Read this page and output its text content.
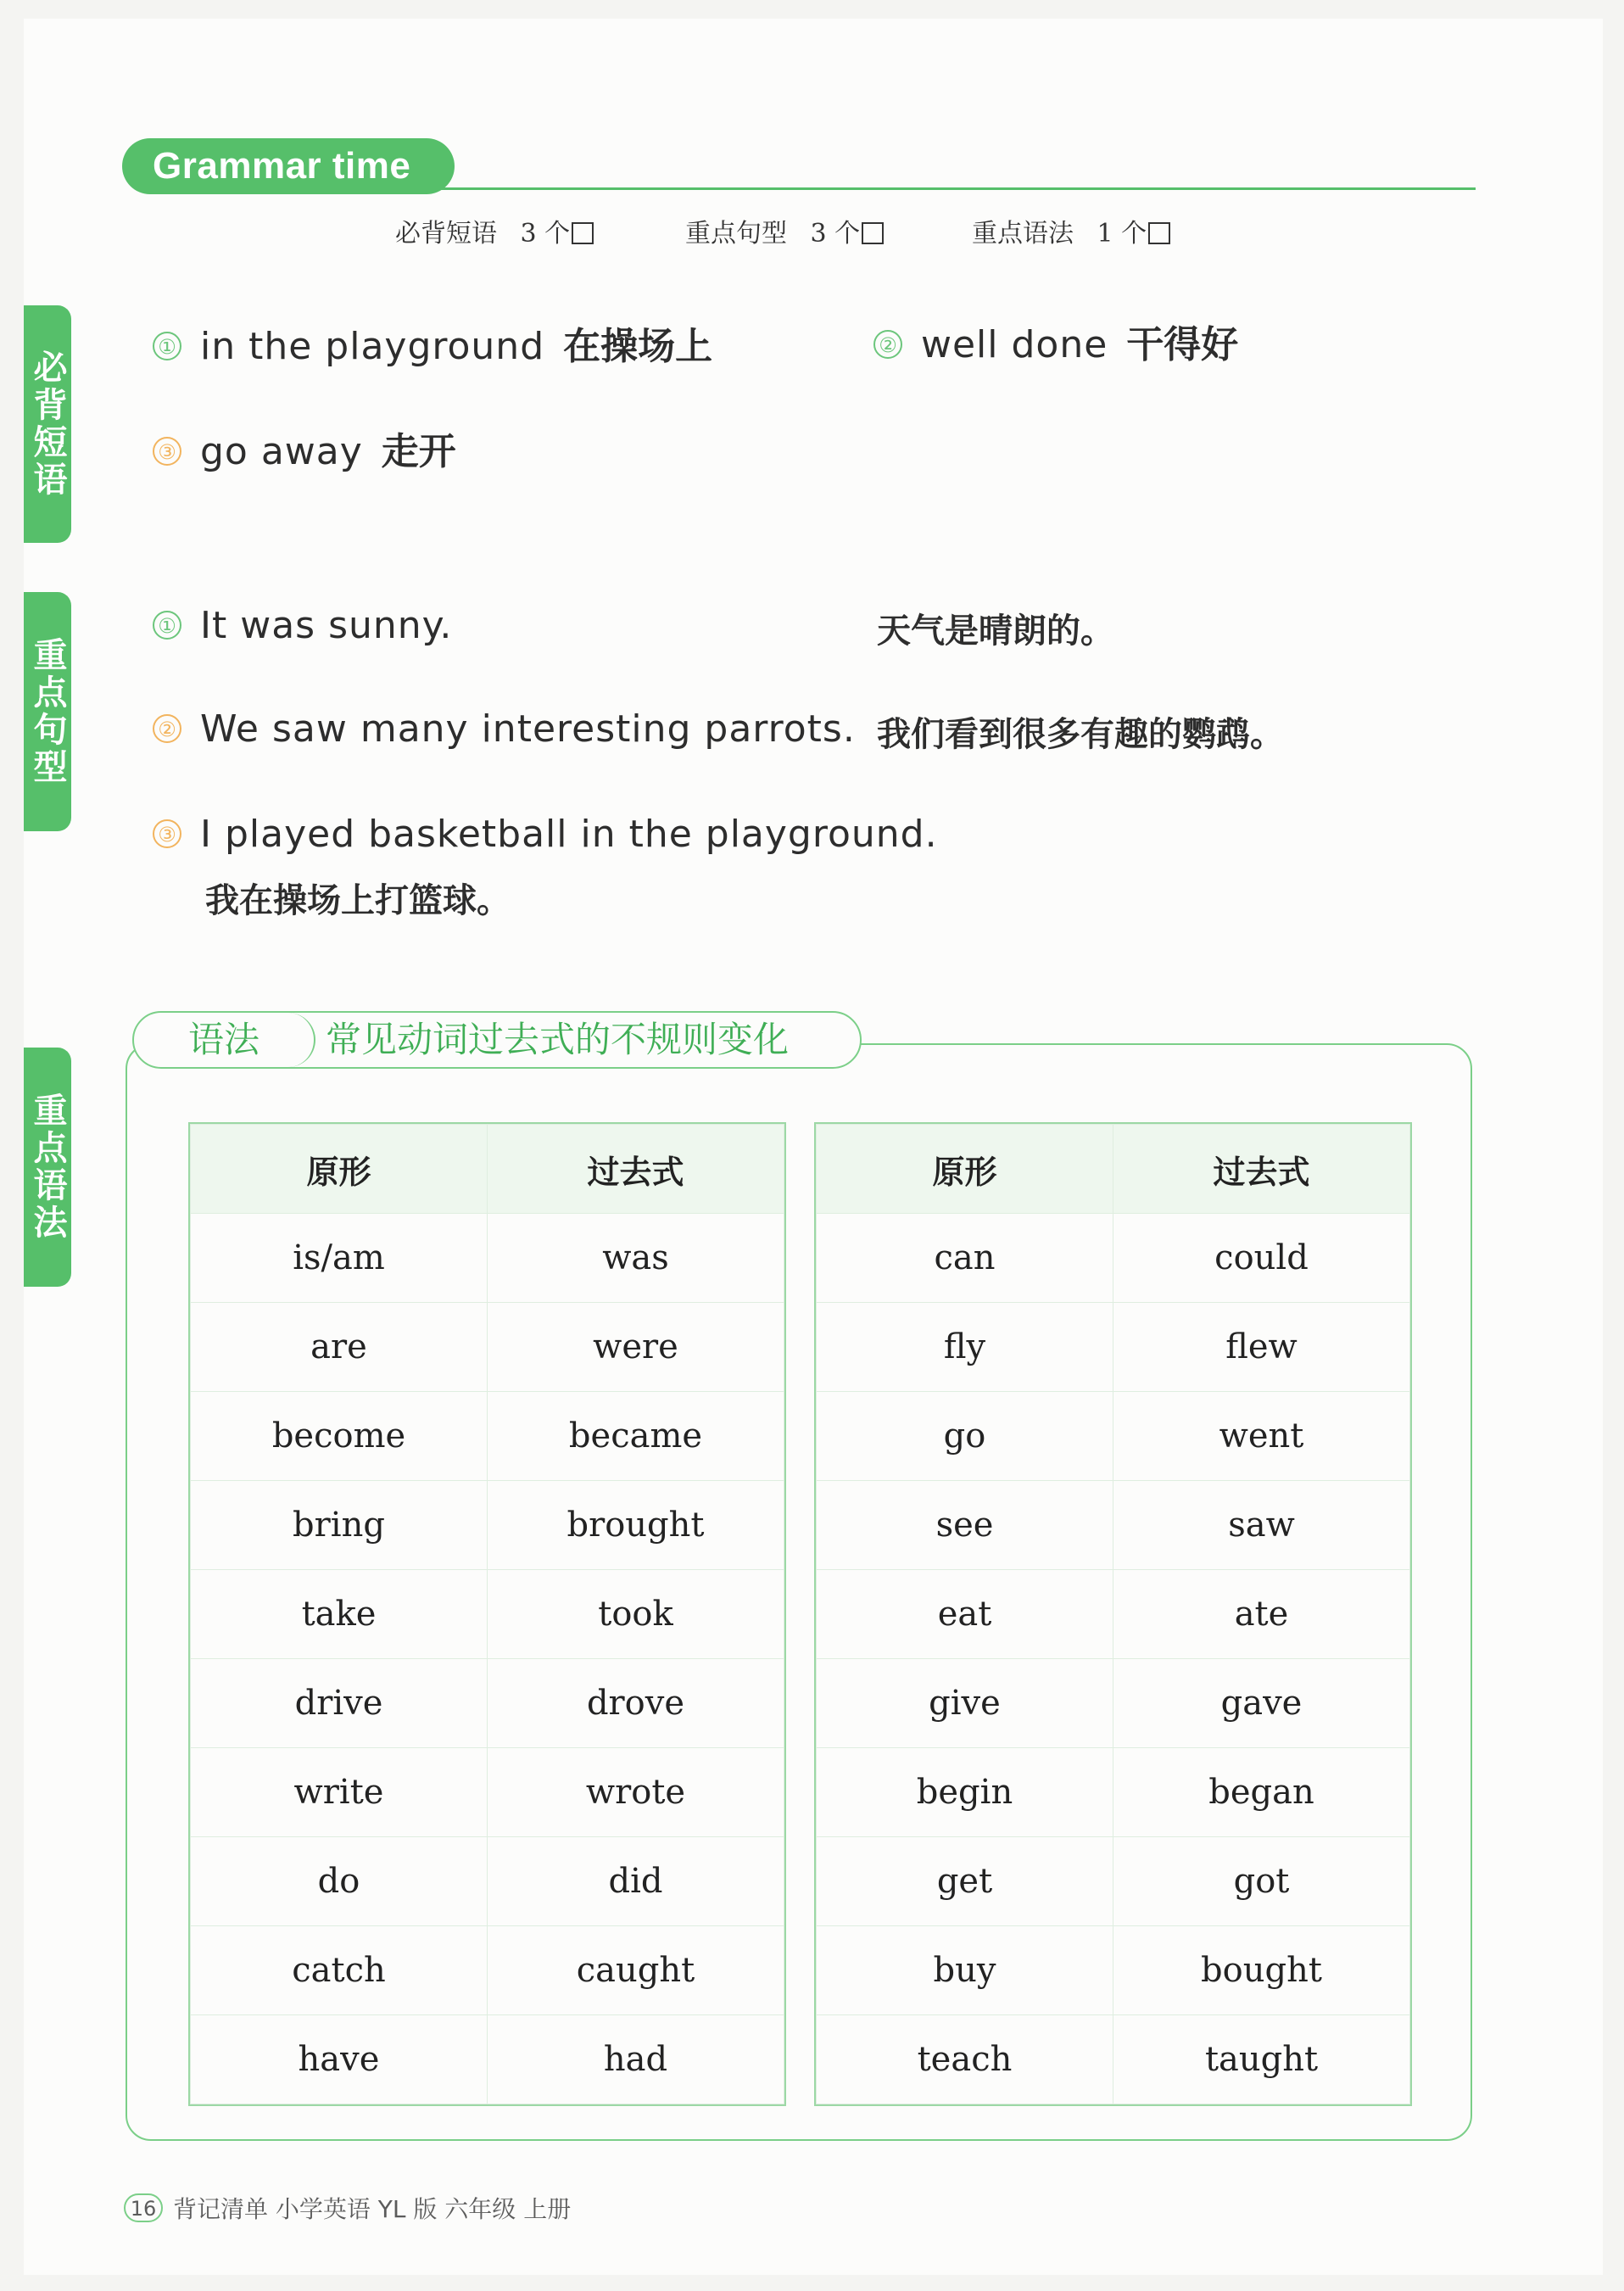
Grammar time
必背短语 3 个	重点句型 3 个	重点语法 1 个
必背短语
重点句型
重点语法
① in the playground 在操场上	② well done 干得好
③ go away 走开
① It was sunny.	天气是晴朗的。
② We saw many interesting parrots. 我们看到很多有趣的鹦鹉。
③ I played basketball in the playground.
我在操场上打篮球。
语法	常见动词过去式的不规则变化
原形	过去式
is/am	was
are	were
become	became
bring	brought
take	took
drive	drove
write	wrote
do	did
catch	caught
have	had
原形	过去式
can	could
fly	flew
go	went
see	saw
eat	ate
give	gave
begin	began
get	got
buy	bought
teach	taught
16 背记清单 小学英语 YL 版 六年级 上册
